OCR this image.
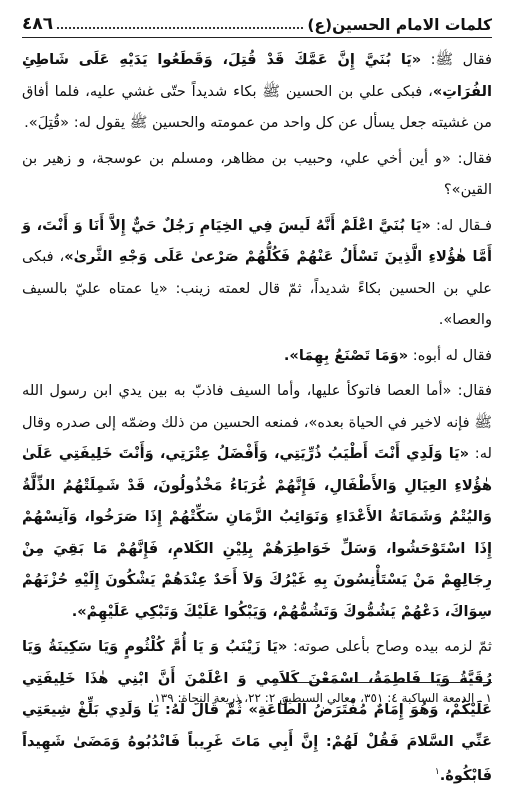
كلمات الامام الحسين(ع)
٤٨٦

فقال ﷺ: «يَا بُنَيَّ إِنَّ عَمَّكَ قَدْ قُتِلَ، وَقَطَعُوا يَدَيْهِ عَلَى شَاطِئِ الفُرَاتِ»، فبكى علي بن الحسين ﷺ بكاء شديداً حتّى غشي عليه، فلما أفاق من غشيته جعل يسأل عن كل واحد من عمومته والحسين ﷺ يقول له: «قُتِلَ».

فقال: «و أين أخي علي، وحبيب بن مظاهر، ومسلم بن عوسجة، و زهير بن القين»؟

فـقال له: «يَا بُنَيَّ اعْلَمْ أَنَّهُ لَيسَ فِي الخِيَامِ رَجُلٌ حَيٌّ إِلاَّ أَنَا وَ أَنْتَ، وَ أَمَّا هٰؤُلاءِ الَّذِينَ تَسْأَلُ عَنْهُمْ فَكُلُّهُمْ صَرْعىٰ عَلَى وَجْهِ الثَّرىٰ»، فبكى علي بن الحسين بكاءً شديداً، ثمّ قال لعمته زينب: «يا عمتاه عليّ بالسيف والعصا».

فقال له أبوه: «وَمَا تَصْنَعُ بِهِمَا».

فقال: «أما العصا فاتوكأ عليها، وأما السيف فاذبّ به بين يدي ابن رسول الله ﷺ فإنه لاخير في الحياة بعده»، فمنعه الحسين من ذلك وضمّه إلى صدره وقال له: «يَا وَلَدِي أَنْتَ أَطْيَبُ ذُرِّيَتِي، وَأَفْضَلُ عِتْرَتِي، وَأَنْتَ خَلِيفَتِي عَلَىٰ هٰؤُلاءِ العِيَالِ وَالأَطْفَالِ، فَإِنَّهُمْ غُرَبَاءُ مَخْذُولُونَ، قَدْ شَمِلَتْهُمُ الذِّلَّةُ وَاليُتْمُ وَشَمَاتَةُ الأَعْدَاءِ وَنَوَائِبُ الزَّمَانِ سَكِّتْهُمْ إِذَا صَرَخُوا، وَآنِسْهُمْ إِذَا اسْتَوْحَشُوا، وَسَلِّ خَوَاطِرَهُمْ بِلِيْنِ الكَلامِ، فَإِنَّهُمْ مَا بَقِيَ مِنْ رِجَالِهِمْ مَنْ يَسْتَأْنِسُونَ بِهِ غَيْرُكَ وَلاَ أَحَدٌ عِنْدَهُمْ يَشْكُونَ إِلَيْهِ حُزْنَهُمْ سِوَاكَ، دَعْهُمْ يَشُمُّوكَ وَتَشُمُّهُمْ، وَيَبْكُوا عَلَيْكَ وَتَبْكِي عَلَيْهِمْ».

ثمّ لزمه بيده وصاح بأعلى صوته: «يَا زَيْنَبُ وَ يَا أُمَّ كُلْثُومٍ وَيَا سَكِينَةُ وَيَا رُقَيَّةُ وَيَا فَاطِمَةُ، اسْمَعْنَ كَلاَمِي وَ اعْلَمْنَ أَنَّ ابْنِي هٰذَا خَلِيفَتِي عَلَيْكُمْ، وَهُوَ إِمَامٌ مُفْتَرَضُ الطَّاعَةِ» ثُمَّ قَالَ لَهُ: يَا وَلَدِي بَلِّغْ شِيعَتِي عَنِّي السَّلامَ فَقُلْ لَهُمْ: إِنَّ أَبِي مَاتَ غَرِيباً فَانْدُبُوهُ وَمَضَىٰ شَهِيداً فَابْكُوهُ.$^١$

١ ـ الدمعة الساكبة ٤: ٣٥١، معالي السبطين ٢: ٢٢، ذريعة النجاة: ١٣٩.
